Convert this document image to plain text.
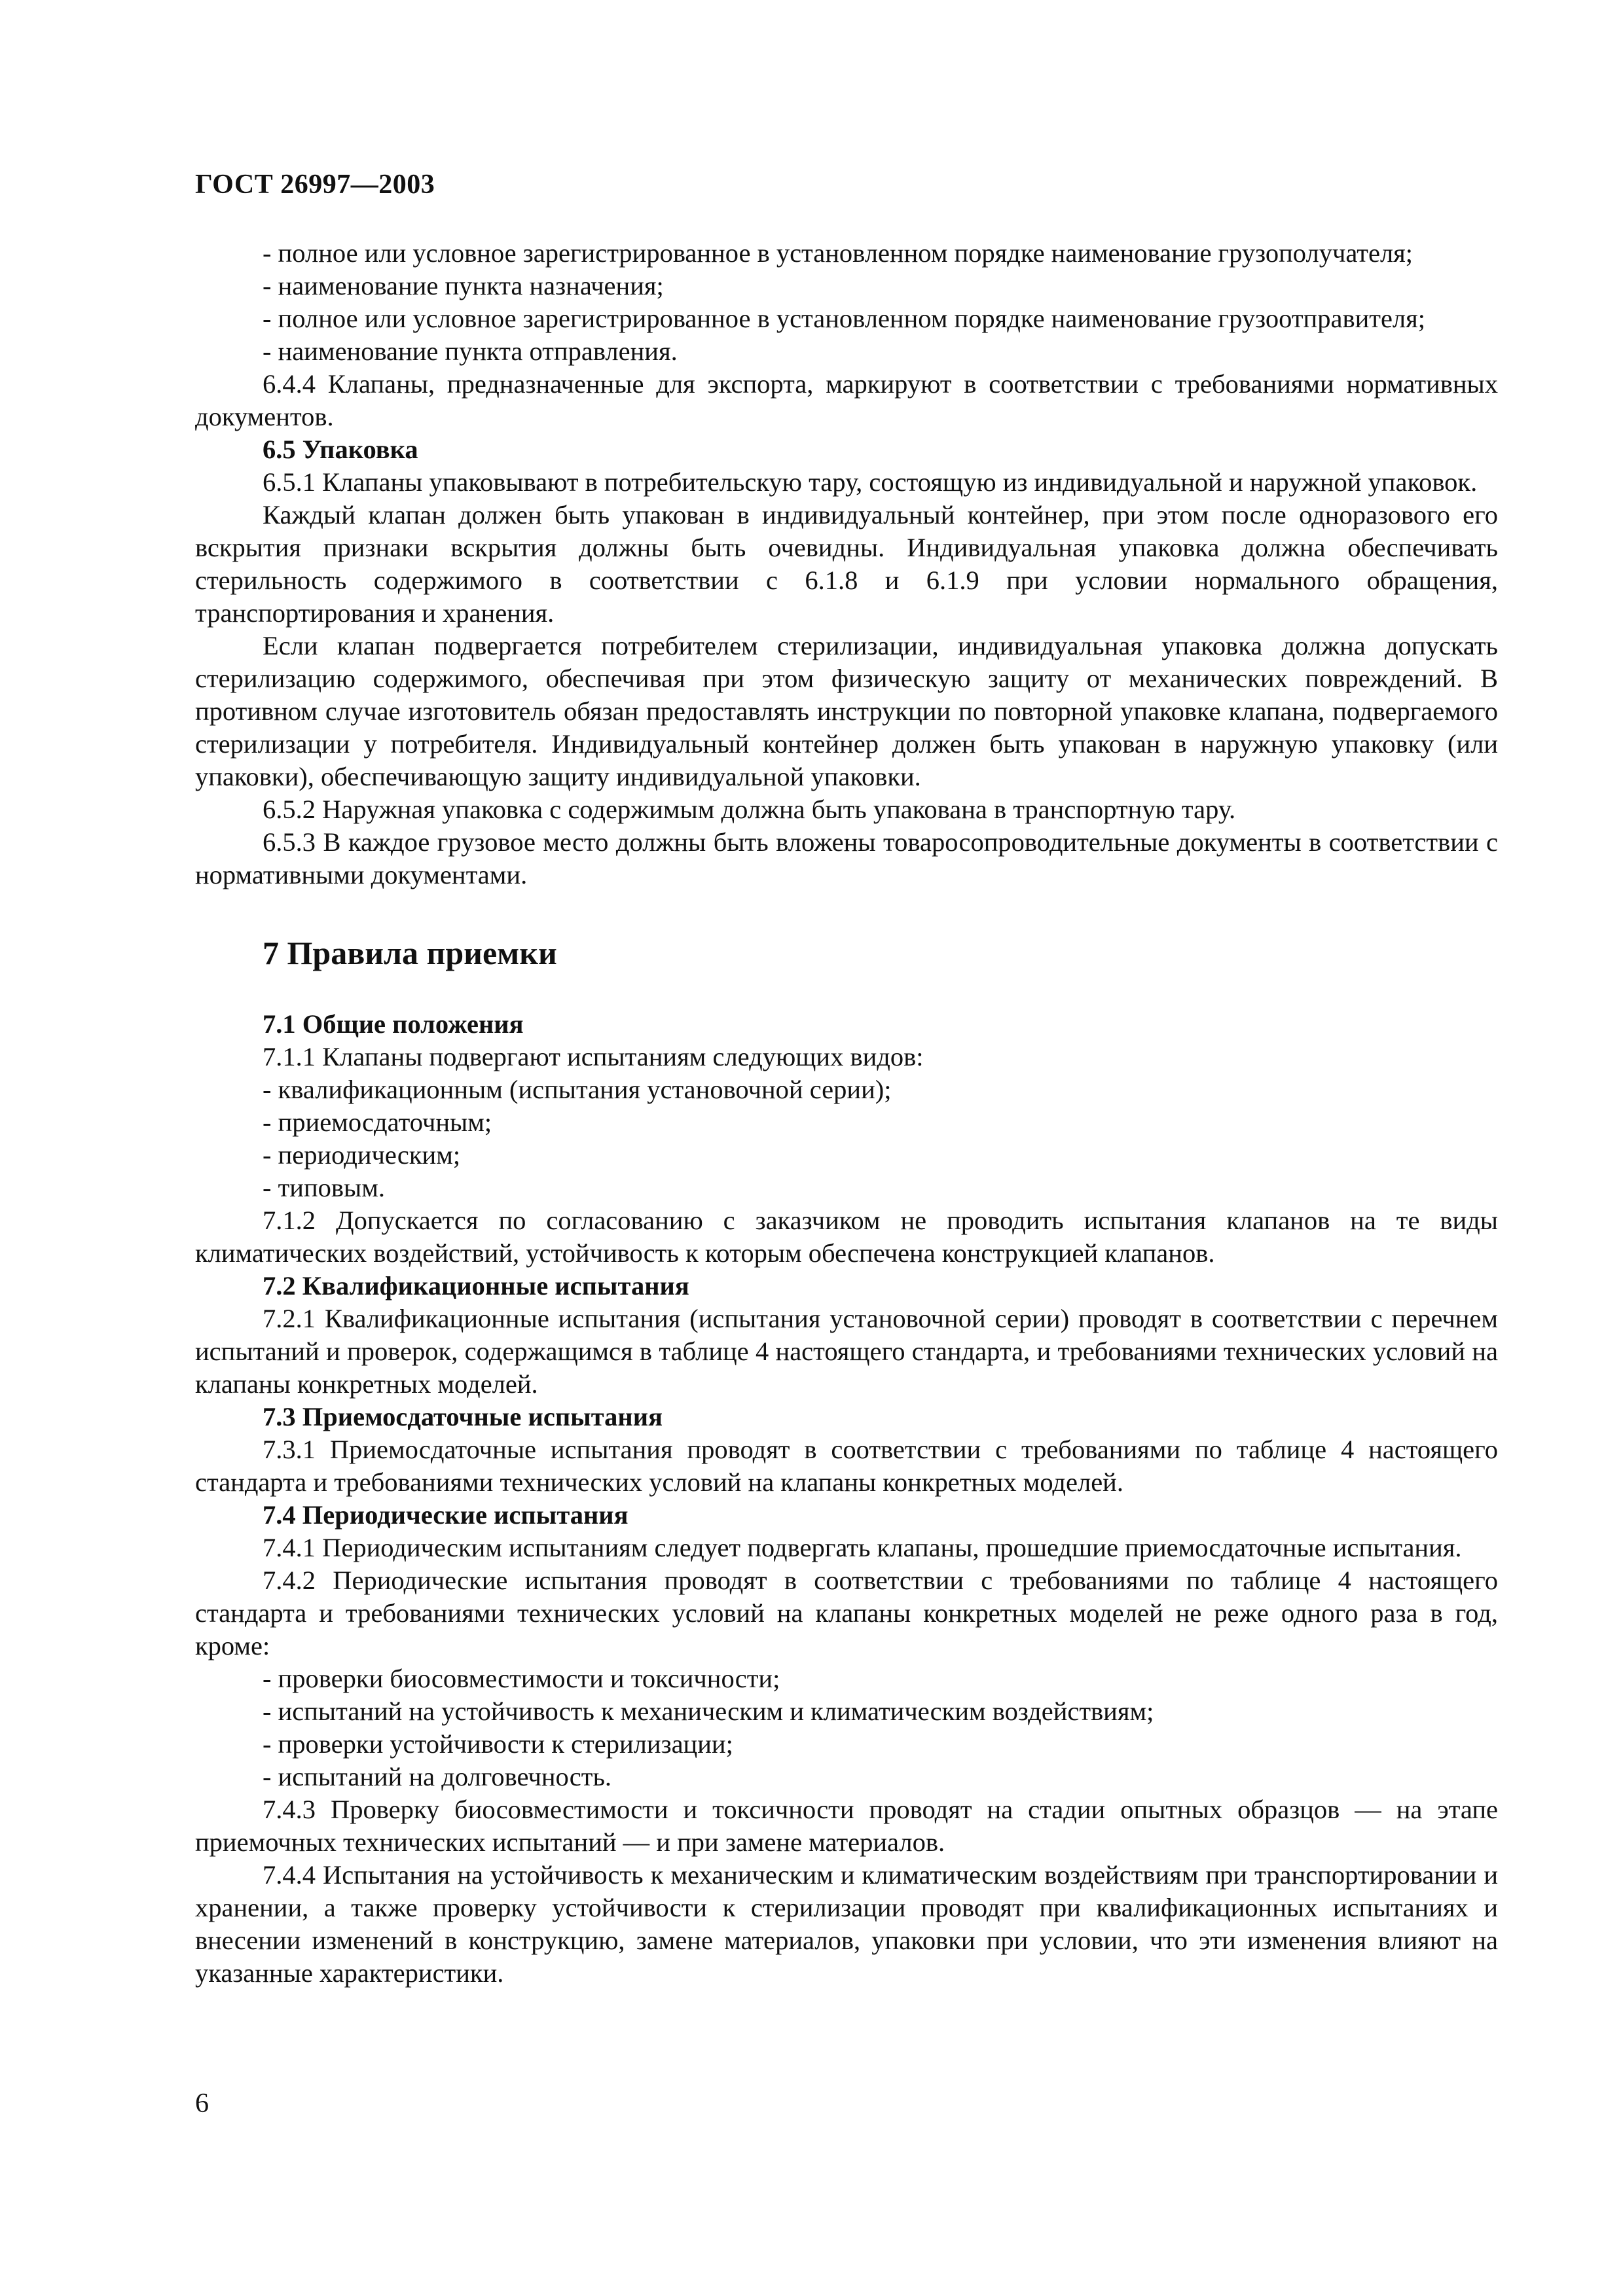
ГОСТ 26997—2003
- полное или условное зарегистрированное в установленном порядке наименование грузополучателя;
- наименование пункта назначения;
- полное или условное зарегистрированное в установленном порядке наименование грузоотправителя;
- наименование пункта отправления.
6.4.4 Клапаны, предназначенные для экспорта, маркируют в соответствии с требованиями нормативных документов.
6.5 Упаковка
6.5.1 Клапаны упаковывают в потребительскую тару, состоящую из индивидуальной и наружной упаковок.
Каждый клапан должен быть упакован в индивидуальный контейнер, при этом после одноразового его вскрытия признаки вскрытия должны быть очевидны. Индивидуальная упаковка должна обеспечивать стерильность содержимого в соответствии с 6.1.8 и 6.1.9 при условии нормального обращения, транспортирования и хранения.
Если клапан подвергается потребителем стерилизации, индивидуальная упаковка должна допускать стерилизацию содержимого, обеспечивая при этом физическую защиту от механических повреждений. В противном случае изготовитель обязан предоставлять инструкции по повторной упаковке клапана, подвергаемого стерилизации у потребителя. Индивидуальный контейнер должен быть упакован в наружную упаковку (или упаковки), обеспечивающую защиту индивидуальной упаковки.
6.5.2 Наружная упаковка с содержимым должна быть упакована в транспортную тару.
6.5.3 В каждое грузовое место должны быть вложены товаросопроводительные документы в соответствии с нормативными документами.
7 Правила приемки
7.1 Общие положения
7.1.1 Клапаны подвергают испытаниям следующих видов:
- квалификационным (испытания установочной серии);
- приемосдаточным;
- периодическим;
- типовым.
7.1.2 Допускается по согласованию с заказчиком не проводить испытания клапанов на те виды климатических воздействий, устойчивость к которым обеспечена конструкцией клапанов.
7.2 Квалификационные испытания
7.2.1 Квалификационные испытания (испытания установочной серии) проводят в соответствии с перечнем испытаний и проверок, содержащимся в таблице 4 настоящего стандарта, и требованиями технических условий на клапаны конкретных моделей.
7.3 Приемосдаточные испытания
7.3.1 Приемосдаточные испытания проводят в соответствии с требованиями по таблице 4 настоящего стандарта и требованиями технических условий на клапаны конкретных моделей.
7.4 Периодические испытания
7.4.1 Периодическим испытаниям следует подвергать клапаны, прошедшие приемосдаточные испытания.
7.4.2 Периодические испытания проводят в соответствии с требованиями по таблице 4 настоящего стандарта и требованиями технических условий на клапаны конкретных моделей не реже одного раза в год, кроме:
- проверки биосовместимости и токсичности;
- испытаний на устойчивость к механическим и климатическим воздействиям;
- проверки устойчивости к стерилизации;
- испытаний на долговечность.
7.4.3 Проверку биосовместимости и токсичности проводят на стадии опытных образцов — на этапе приемочных технических испытаний — и при замене материалов.
7.4.4 Испытания на устойчивость к механическим и климатическим воздействиям при транспортировании и хранении, а также проверку устойчивости к стерилизации проводят при квалификационных испытаниях и внесении изменений в конструкцию, замене материалов, упаковки при условии, что эти изменения влияют на указанные характеристики.
6
